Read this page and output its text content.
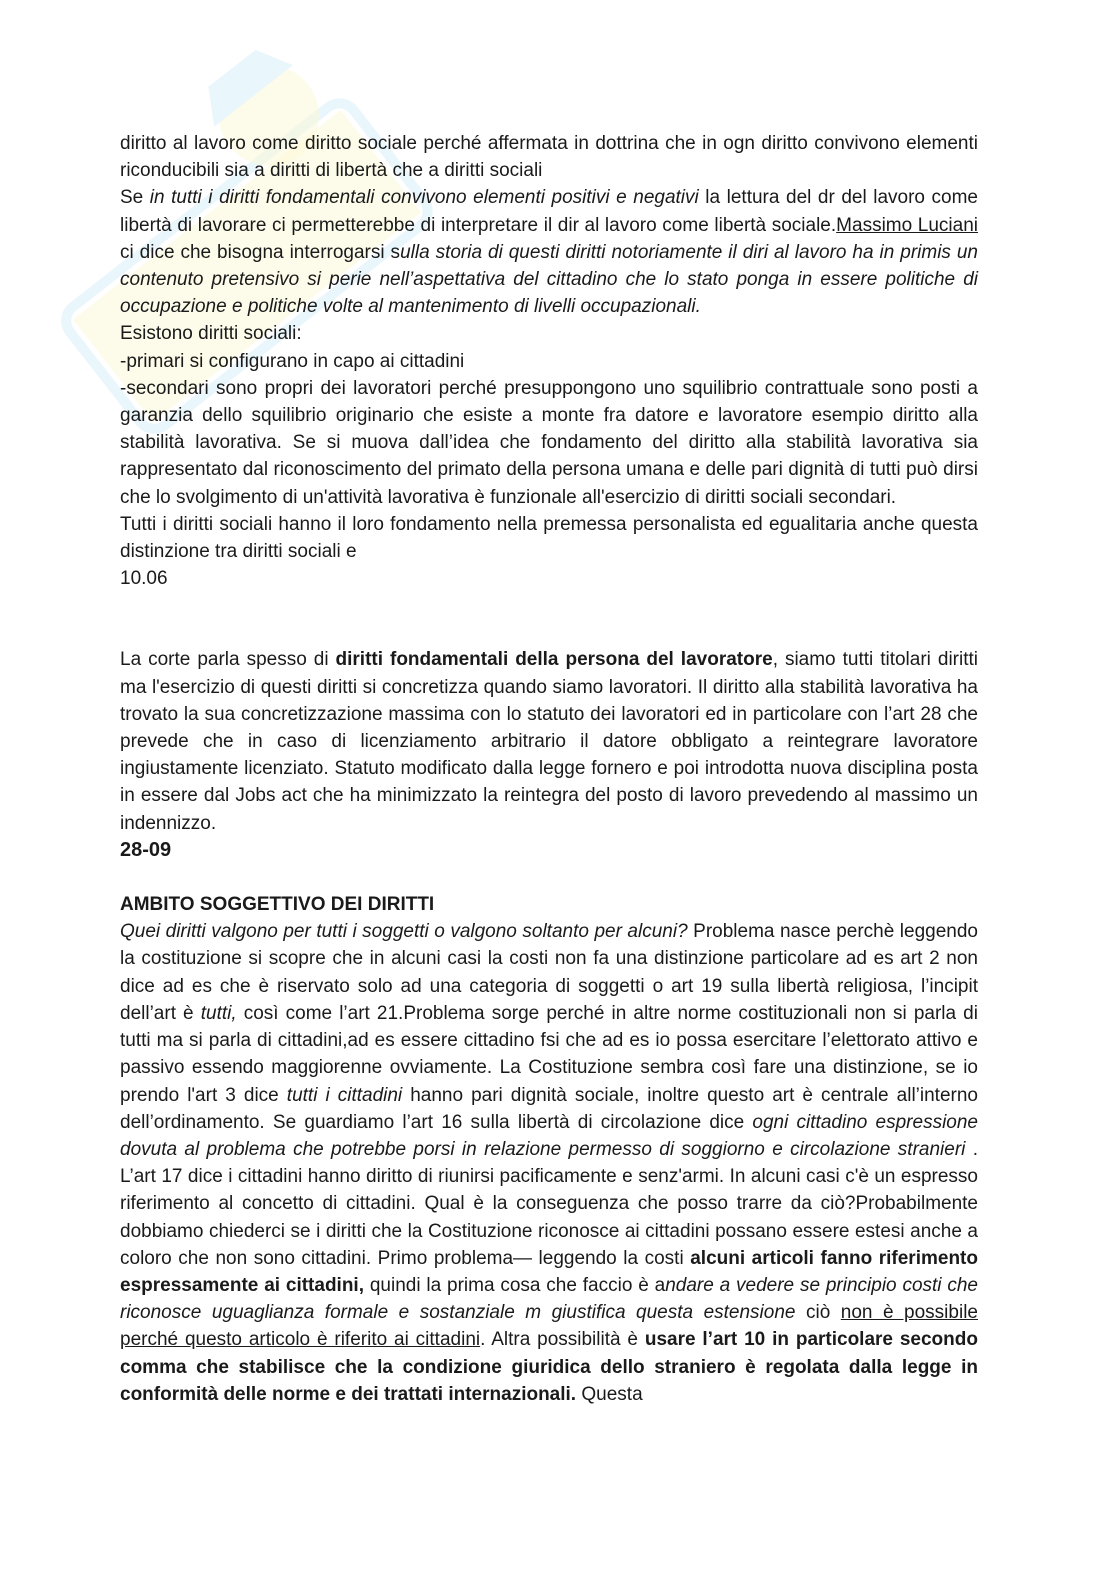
diritto al lavoro come diritto sociale perché affermata in dottrina che in ogn diritto convivono elementi riconducibili sia a diritti di libertà che a diritti sociali

Se in tutti i diritti fondamentali convivono elementi positivi e negativi la lettura del dr del lavoro come libertà di lavorare ci permetterebbe di interpretare il dir al lavoro come libertà sociale.Massimo Luciani ci dice che bisogna interrogarsi sulla storia di questi diritti notoriamente il diri al lavoro ha in primis un contenuto pretensivo si perie nell’aspettativa del cittadino che lo stato ponga in essere politiche di occupazione e politiche volte al mantenimento di livelli occupazionali.

Esistono diritti sociali:

-primari si configurano in capo ai cittadini

-secondari sono propri dei lavoratori perché presuppongono uno squilibrio contrattuale sono posti a garanzia dello squilibrio originario che esiste a monte fra datore e lavoratore esempio diritto alla stabilità lavorativa. Se si muova dall’idea che fondamento del diritto alla stabilità lavorativa sia rappresentato dal riconoscimento del primato della persona umana e delle pari dignità di tutti può dirsi che lo svolgimento di un'attività lavorativa è funzionale all'esercizio di diritti sociali secondari.

Tutti i diritti sociali hanno il loro fondamento nella premessa personalista ed egualitaria anche questa distinzione tra diritti sociali e

10.06

La corte parla spesso di diritti fondamentali della persona del lavoratore, siamo tutti titolari diritti ma l'esercizio di questi diritti si concretizza quando siamo lavoratori. Il diritto alla stabilità lavorativa ha trovato la sua concretizzazione massima con lo statuto dei lavoratori ed in particolare con l’art 28 che prevede che in caso di licenziamento arbitrario il datore obbligato a reintegrare lavoratore ingiustamente licenziato. Statuto modificato dalla legge fornero e poi introdotta nuova disciplina posta in essere dal Jobs act che ha minimizzato la reintegra del posto di lavoro prevedendo al massimo un indennizzo.

28-09

AMBITO SOGGETTIVO DEI DIRITTI

Quei diritti valgono per tutti i soggetti o valgono soltanto per alcuni? Problema nasce perchè leggendo la costituzione si scopre che in alcuni casi la costi non fa una distinzione particolare ad es art 2 non dice ad es che è riservato solo ad una categoria di soggetti o art 19 sulla libertà religiosa, l’incipit dell’art è tutti, così come l’art 21.Problema sorge perché in altre norme costituzionali non si parla di tutti ma si parla di cittadini,ad es essere cittadino fsi che ad es io possa esercitare l’elettorato attivo e passivo essendo maggiorenne ovviamente. La Costituzione sembra così fare una distinzione, se io prendo l'art 3 dice tutti i cittadini hanno pari dignità sociale, inoltre questo art è centrale all’interno dell’ordinamento. Se guardiamo l’art 16 sulla libertà di circolazione dice ogni cittadino espressione dovuta al problema che potrebbe porsi in relazione permesso di soggiorno e circolazione stranieri . L’art 17 dice i cittadini hanno diritto di riunirsi pacificamente e senz'armi. In alcuni casi c'è un espresso riferimento al concetto di cittadini. Qual è la conseguenza che posso trarre da ciò?Probabilmente dobbiamo chiederci se i diritti che la Costituzione riconosce ai cittadini possano essere estesi anche a coloro che non sono cittadini. Primo problema— leggendo la costi alcuni articoli fanno riferimento espressamente ai cittadini, quindi la prima cosa che faccio è andare a vedere se principio costi che riconosce uguaglianza formale e sostanziale m giustifica questa estensione ciò non è possibile perché questo articolo è riferito ai cittadini. Altra possibilità è usare l’art 10 in particolare secondo comma che stabilisce che la condizione giuridica dello straniero è regolata dalla legge in conformità delle norme e dei trattati internazionali. Questa
